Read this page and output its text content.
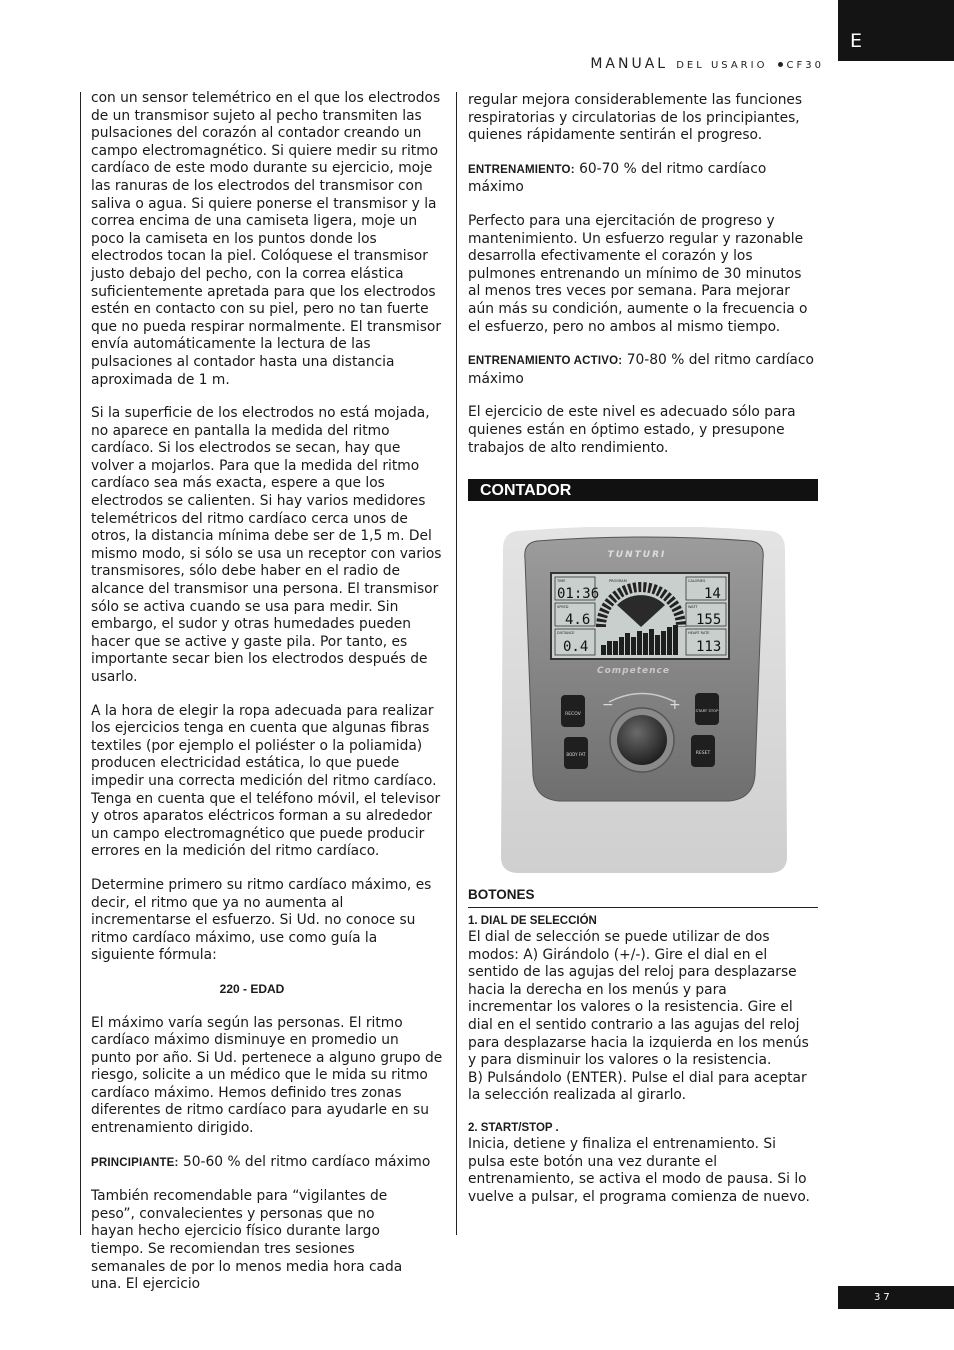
E
MANUAL DEL USARIO CF30

con un sensor telemétrico en el que los electrodos de un transmisor sujeto al pecho transmiten las pulsaciones del corazón al contador creando un campo electromagnético. Si quiere medir su ritmo cardíaco de este modo durante su ejercicio, moje las ranuras de los electrodos del transmisor con saliva o agua. Si quiere ponerse el transmisor y la correa encima de una camiseta ligera, moje un poco la camiseta en los puntos donde los electrodos tocan la piel. Colóquese el transmisor justo debajo del pecho, con la correa elástica suficientemente apretada para que los electrodos estén en contacto con su piel, pero no tan fuerte que no pueda respirar normalmente. El transmisor envía automáticamente la lectura de las pulsaciones al contador hasta una distancia aproximada de 1 m.

Si la superficie de los electrodos no está mojada, no aparece en pantalla la medida del ritmo cardíaco. Si los electrodos se secan, hay que volver a mojarlos. Para que la medida del ritmo cardíaco sea más exacta, espere a que los electrodos se calienten. Si hay varios medidores telemétricos del ritmo cardíaco cerca unos de otros, la distancia mínima debe ser de 1,5 m. Del mismo modo, si sólo se usa un receptor con varios transmisores, sólo debe haber en el radio de alcance del transmisor una persona. El transmisor sólo se activa cuando se usa para medir. Sin embargo, el sudor y otras humedades pueden hacer que se active y gaste pila. Por tanto, es importante secar bien los electrodos después de usarlo.

A la hora de elegir la ropa adecuada para realizar los ejercicios tenga en cuenta que algunas fibras textiles (por ejemplo el poliéster o la poliamida) producen electricidad estática, lo que puede impedir una correcta medición del ritmo cardíaco. Tenga en cuenta que el teléfono móvil, el televisor y otros aparatos eléctricos forman a su alrededor un campo electromagnético que puede producir errores en la medición del ritmo cardíaco.

Determine primero su ritmo cardíaco máximo, es decir, el ritmo que ya no aumenta al incrementarse el esfuerzo. Si Ud. no conoce su ritmo cardíaco máximo, use como guía la siguiente fórmula:

220 - EDAD

El máximo varía según las personas. El ritmo cardíaco máximo disminuye en promedio un punto por año. Si Ud. pertenece a alguno grupo de riesgo, solicite a un médico que le mida su ritmo cardíaco máximo. Hemos definido tres zonas diferentes de ritmo cardíaco para ayudarle en su entrenamiento dirigido.

PRINCIPIANTE: 50-60 % del ritmo cardíaco máximo

También recomendable para “vigilantes de peso”, convalecientes y personas que no hayan hecho ejercicio físico durante largo tiempo. Se recomiendan tres sesiones semanales de por lo menos media hora cada una. El ejercicio

regular mejora considerablemente las funciones respiratorias y circulatorias de los principiantes, quienes rápidamente sentirán el progreso.

ENTRENAMIENTO: 60-70 % del ritmo cardíaco máximo

Perfecto para una ejercitación de progreso y mantenimiento. Un esfuerzo regular y razonable desarrolla efectivamente el corazón y los pulmones entrenando un mínimo de 30 minutos al menos tres veces por semana. Para mejorar aún más su condición, aumente o la frecuencia o el esfuerzo, pero no ambos al mismo tiempo.

ENTRENAMIENTO ACTIVO: 70-80 % del ritmo cardíaco máximo

El ejercicio de este nivel es adecuado sólo para quienes están en óptimo estado, y presupone trabajos de alto rendimiento.

CONTADOR
TUNTURI
TIME
01:36
SPEED
4.6
DISTANCE
0.4
CALORIES
14
WATT
155
HEART RATE
113
PROGRAM
Competence
−	+
RECOV
BODY FAT
START STOP
RESET
BOTONES
1. DIAL DE SELECCIÓN
El dial de selección se puede utilizar de dos modos: A) Girándolo (+/-). Gire el dial en el sentido de las agujas del reloj para desplazarse hacia la derecha en los menús y para incrementar los valores o la resistencia. Gire el dial en el sentido contrario a las agujas del reloj para desplazarse hacia la izquierda en los menús y para disminuir los valores o la resistencia.
B) Pulsándolo (ENTER). Pulse el dial para aceptar la selección realizada al girarlo.
2. START/STOP .
Inicia, detiene y finaliza el entrenamiento. Si pulsa este botón una vez durante el entrenamiento, se activa el modo de pausa. Si lo vuelve a pulsar, el programa comienza de nuevo.
37
